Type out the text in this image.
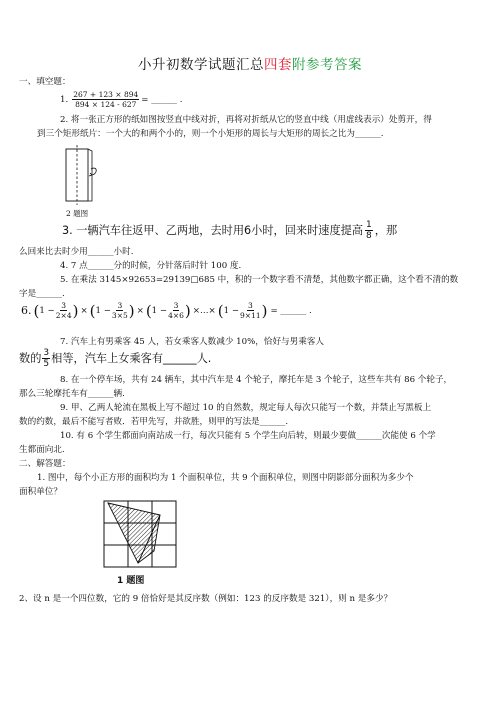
小升初数学试题汇总四套附参考答案
一、填空题：
1. $\frac{267 + 123 \times 894}{894 \times 124 - 627}$ = ______ .
2. 将一张正方形的纸如图按竖直中线对折，再将对折纸从它的竖直中线（用虚线表示）处剪开，得
到三个矩形纸片：一个大的和两个小的，则一个小矩形的周长与大矩形的周长之比为______.
2 题图
3. 一辆汽车往返甲、乙两地，去时用6小时，回来时速度提高 $\frac{1}{8}$ ，那
么回来比去时少用______小时.
4. 7 点______分的时候，分针落后时针 100 度.
5. 在乘法 3145×92653=29139□685 中，积的一个数字看不清楚，其他数字都正确，这个看不清的数
字是______.
6. ( $1 - \frac{3}{2\times 4}$ ) × ( $1 - \frac{3}{3\times 5}$ ) × ( $1 - \frac{3}{4\times 6}$ ) ×…× ( $1 - \frac{3}{9\times 11}$ ) = ______ .
7. 汽车上有男乘客 45 人，若女乘客人数减少 10%，恰好与男乘客人
数的 $\frac{3}{5}$ 相等，汽车上女乘客有______人.
8. 在一个停车场，共有 24 辆车，其中汽车是 4 个轮子，摩托车是 3 个轮子，这些车共有 86 个轮子，
那么三轮摩托车有______辆.
9. 甲、乙两人轮流在黑板上写不超过 10 的自然数，规定每人每次只能写一个数，并禁止写黑板上
数的约数，最后不能写者败．若甲先写，并欲胜，则甲的写法是______.
10. 有 6 个学生都面向南站成一行，每次只能有 5 个学生向后转，则最少要做______次能使 6 个学
生都面向北.
二、解答题：
1. 图中，每个小正方形的面积均为 1 个面积单位，共 9 个面积单位，则图中阴影部分面积为多少个
面积单位？
1 题图
2、设 n 是一个四位数，它的 9 倍恰好是其反序数（例如：123 的反序数是 321），则 n 是多少？
